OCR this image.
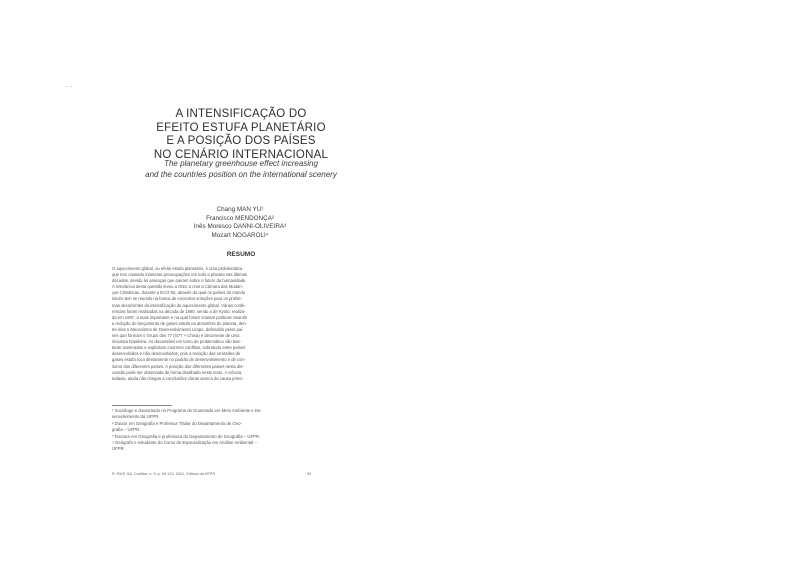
- -
A INTENSIFICAÇÃO DO
EFEITO ESTUFA PLANETÁRIO
E A POSIÇÃO DOS PAÍSES
NO CENÁRIO INTERNACIONAL
The planetary greenhouse effect increasing
and the countries position on the international scenery
Chang MAN YU¹
Francisco MENDONÇA²
Inês Moresco DANNI-OLIVEIRA³
Mozart NOGAROLI⁴
RESUMO
O aquecimento global, ou efeito estufa planetário, é uma problemática
que tem causado inúmeras preocupações em todo o planeta nas últimas
décadas, devido às ameaças que pairam sobre o futuro da humanidade.
A relevância desta questão levou a ONU a criar a Câmara das Mudan-
ças Climáticas, durante a ECO-92, através da qual os países do mundo
inteiro tem se reunido na busca de encontrar soluções para os proble-
mas decorrentes da intensificação do aquecimento global. Várias confe-
rencias foram realizadas na década de 1990, sendo a de Kyoto, realiza-
da em 1997, a mais importante e na qual foram criaram políticas visando
a redução do lançamento de gases estufa na atmosfera do planeta, den-
tre elas o Mecanismo de Desenvolvimento Limpo, defendido pelos paí-
ses que formam o Grupo dos 77 (G77 + China) e decorrente de uma
iniciativa brasileira. As discussões em torno da problemática vão bas-
tante aceleradas e explicitam enormes conflitos, sobretudo entre países
desenvolvidos e não desenvolvidos, pois a redução das emissões de
gases estufa toca diretamente no padrão de desenvolvimento e de con-
sumo dos diferentes países. A posição dos diferentes países nesta dis-
cussão pode ser observada de forma detalhada neste texto. A ciência,
todavia, ainda não chegou a conclusões claras acerca da causa princi-
¹ Sociólogo e doutorando no Programa de Doutorado em Meio Ambiente e De-
senvolvimento da UFPR.
² Doutor em Geografia e Professor Titular do Departamento de Geo-
grafia – UFPR.
³ Doutora em Geografia e professora do Departamento de Geografia – UFPR.
⁴ Geógrafo e estudante do Curso de Especialização em Análise Ambiental –
UFPR.
R. RA'E GA, Curitiba, n. 5, p. 99-124. 2001. Editora da UFPR	99
